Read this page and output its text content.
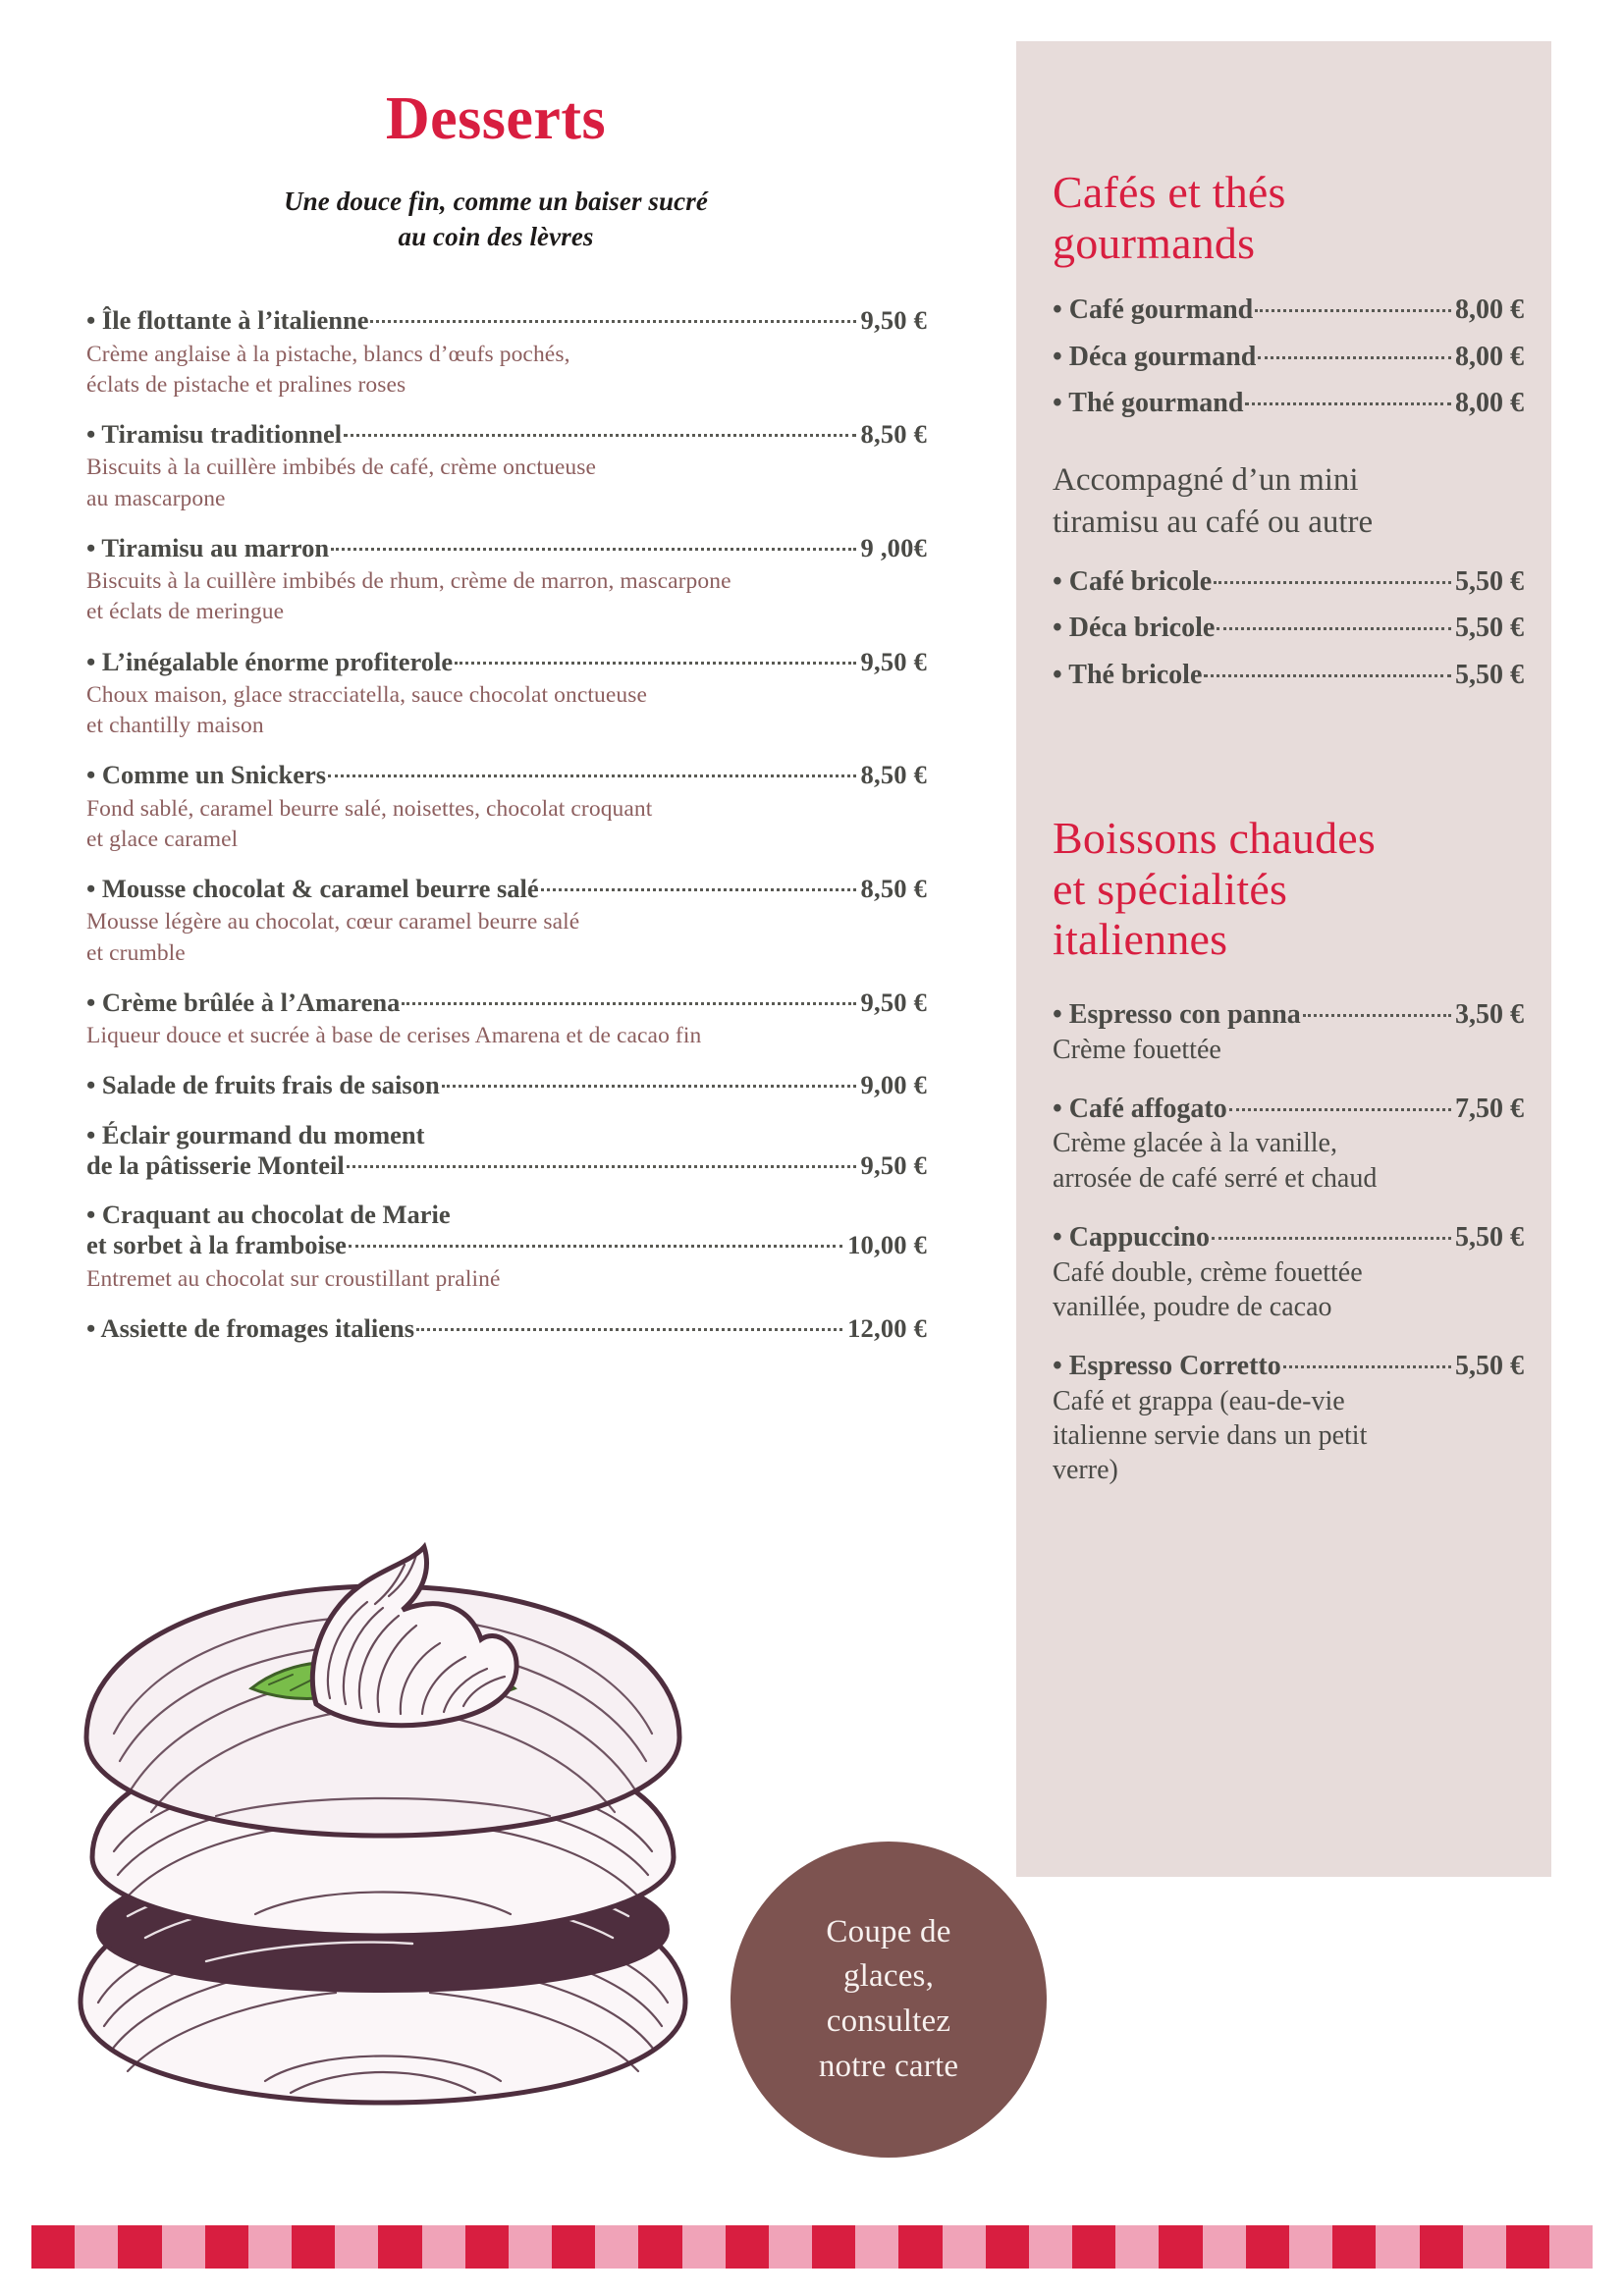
Desserts
Une douce fin, comme un baiser sucré
au coin des lèvres
• Île flottante à l’italienne	9,50 €
Crème anglaise à la pistache, blancs d’œufs pochés,
éclats de pistache et pralines roses
• Tiramisu traditionnel	8,50 €
Biscuits à la cuillère imbibés de café, crème onctueuse
au mascarpone
• Tiramisu au marron	9 ,00€
Biscuits à la cuillère imbibés de rhum, crème de marron, mascarpone
et éclats de meringue
• L’inégalable énorme profiterole	9,50 €
Choux maison, glace stracciatella, sauce chocolat onctueuse
et chantilly maison
• Comme un Snickers	8,50 €
Fond sablé, caramel beurre salé, noisettes, chocolat croquant
et glace caramel
• Mousse chocolat & caramel beurre salé	8,50 €
Mousse légère au chocolat, cœur caramel beurre salé
et crumble
• Crème brûlée à l’Amarena	9,50 €
Liqueur douce et sucrée à base de cerises Amarena et de cacao fin
• Salade de fruits frais de saison	9,00 €
• Éclair gourmand du moment
de la pâtisserie Monteil	9,50 €
• Craquant au chocolat de Marie
et sorbet à la framboise	10,00 €
Entremet au chocolat sur croustillant praliné
• Assiette de fromages italiens	12,00 €
Coupe de
glaces,
consultez
notre carte
Cafés et thés
gourmands
• Café gourmand	8,00 €
• Déca gourmand	8,00 €
• Thé gourmand	8,00 €
Accompagné d’un mini
tiramisu au café ou autre
• Café bricole	5,50 €
• Déca bricole	5,50 €
• Thé bricole	5,50 €
Boissons chaudes
et spécialités
italiennes
• Espresso con panna	3,50 €
Crème fouettée
• Café affogato	7,50 €
Crème glacée à la vanille,
arrosée de café serré et chaud
• Cappuccino	5,50 €
Café double, crème fouettée
vanillée, poudre de cacao
• Espresso Corretto	5,50 €
Café et grappa (eau-de-vie
italienne servie dans un petit
verre)
